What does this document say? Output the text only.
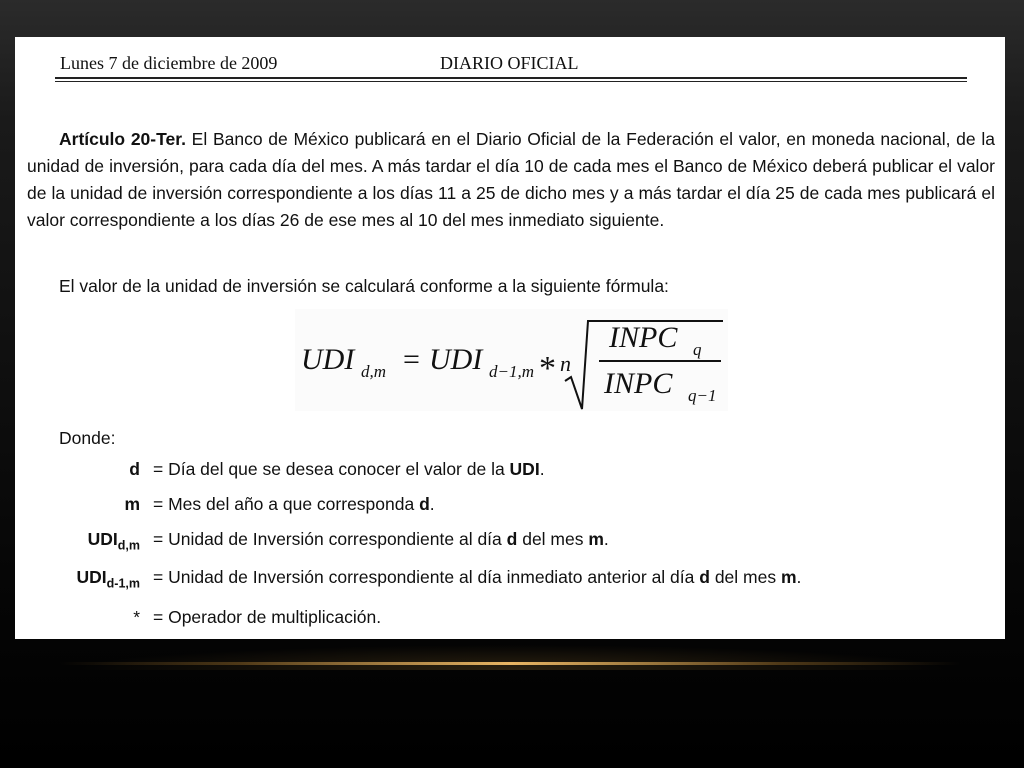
Lunes 7 de diciembre de 2009	DIARIO OFICIAL

Artículo 20-Ter. El Banco de México publicará en el Diario Oficial de la Federación el valor, en moneda nacional, de la unidad de inversión, para cada día del mes. A más tardar el día 10 de cada mes el Banco de México deberá publicar el valor de la unidad de inversión correspondiente a los días 11 a 25 de dicho mes y a más tardar el día 25 de cada mes publicará el valor correspondiente a los días 26 de ese mes al 10 del mes inmediato siguiente.

El valor de la unidad de inversión se calculará conforme a la siguiente fórmula:

UDI d,m = UDI d−1,m * n
INPC q
INPC q−1

Donde:

d = Día del que se desea conocer el valor de la UDI.
m = Mes del año a que corresponda d.
$UDI_{d,m}$ = Unidad de Inversión correspondiente al día d del mes m.
$UDI_{d-1,m}$ = Unidad de Inversión correspondiente al día inmediato anterior al día d del mes m.
* = Operador de multiplicación.
